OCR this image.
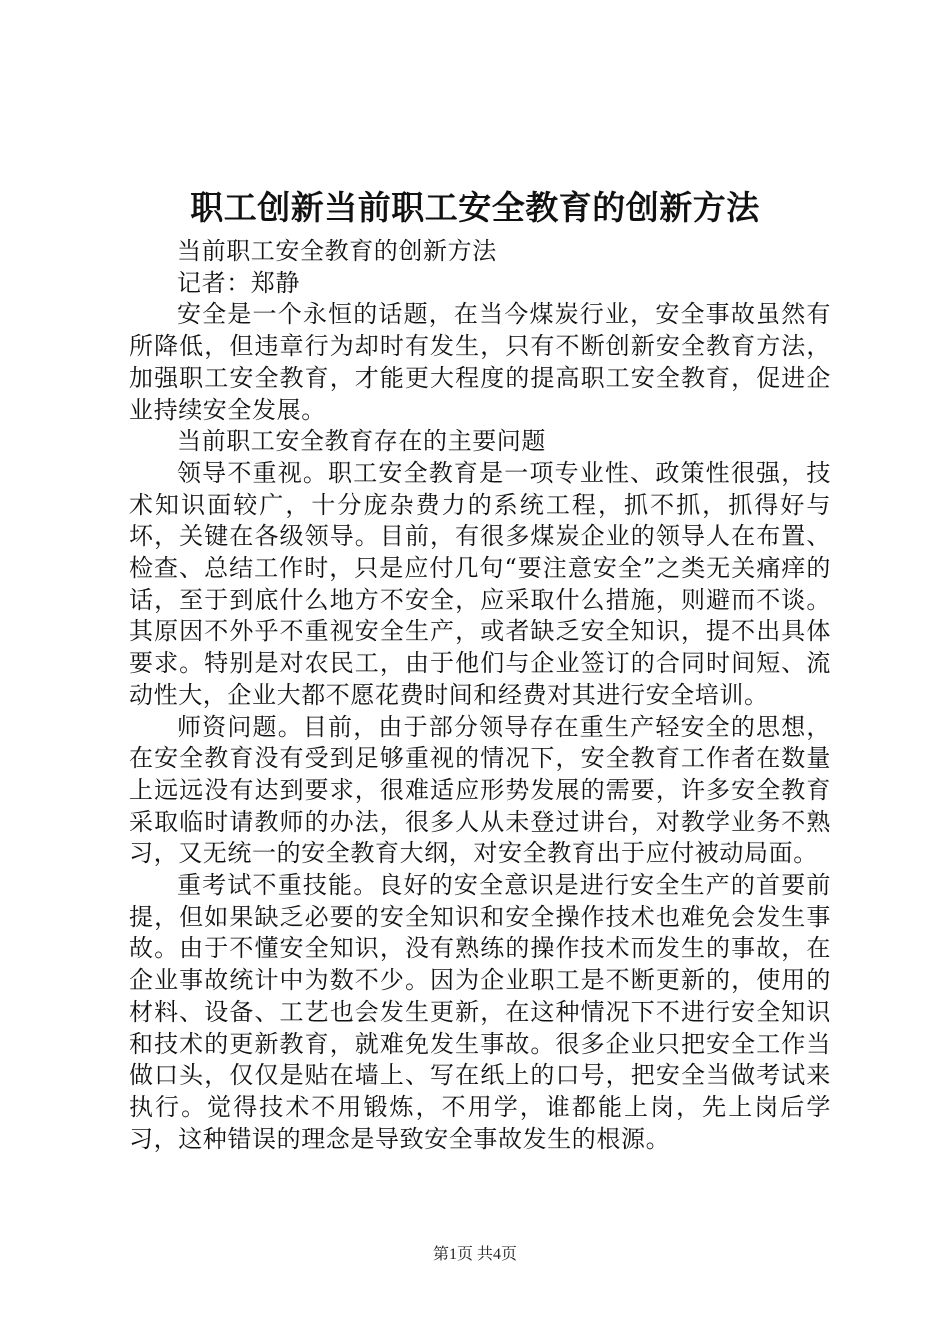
职工创新当前职工安全教育的创新方法

当前职工安全教育的创新方法

记者：郑静

安全是一个永恒的话题，在当今煤炭行业，安全事故虽然有所降低，但违章行为却时有发生，只有不断创新安全教育方法，加强职工安全教育，才能更大程度的提高职工安全教育，促进企业持续安全发展。

当前职工安全教育存在的主要问题

领导不重视。职工安全教育是一项专业性、政策性很强，技术知识面较广，十分庞杂费力的系统工程，抓不抓，抓得好与坏，关键在各级领导。目前，有很多煤炭企业的领导人在布置、检查、总结工作时，只是应付几句“要注意安全”之类无关痛痒的话，至于到底什么地方不安全，应采取什么措施，则避而不谈。其原因不外乎不重视安全生产，或者缺乏安全知识，提不出具体要求。特别是对农民工，由于他们与企业签订的合同时间短、流动性大，企业大都不愿花费时间和经费对其进行安全培训。

师资问题。目前，由于部分领导存在重生产轻安全的思想，在安全教育没有受到足够重视的情况下，安全教育工作者在数量上远远没有达到要求，很难适应形势发展的需要，许多安全教育采取临时请教师的办法，很多人从未登过讲台，对教学业务不熟习，又无统一的安全教育大纲，对安全教育出于应付被动局面。

重考试不重技能。良好的安全意识是进行安全生产的首要前提，但如果缺乏必要的安全知识和安全操作技术也难免会发生事故。由于不懂安全知识，没有熟练的操作技术而发生的事故，在企业事故统计中为数不少。因为企业职工是不断更新的，使用的材料、设备、工艺也会发生更新，在这种情况下不进行安全知识和技术的更新教育，就难免发生事故。很多企业只把安全工作当做口头，仅仅是贴在墙上、写在纸上的口号，把安全当做考试来执行。觉得技术不用锻炼，不用学，谁都能上岗，先上岗后学习，这种错误的理念是导致安全事故发生的根源。

第1页 共4页
